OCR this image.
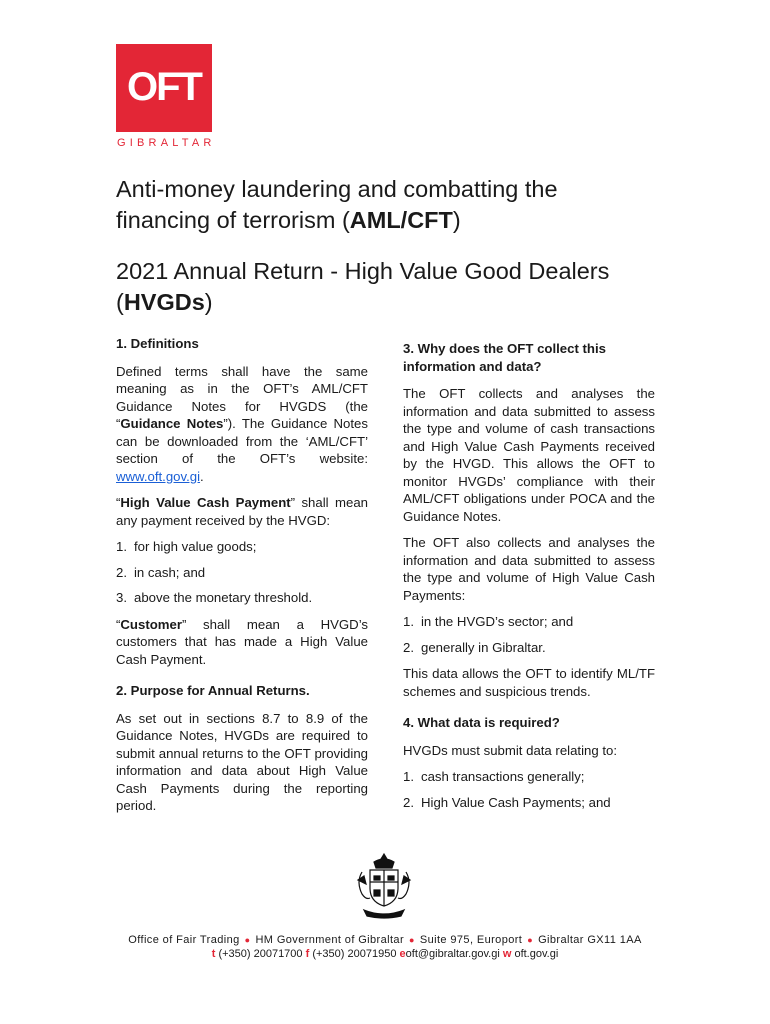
OFT
GIBRALTAR
Anti-money laundering and combatting the financing of terrorism (AML/CFT)
2021 Annual Return - High Value Good Dealers (HVGDs)
1. Definitions

Defined terms shall have the same meaning as in the OFT’s AML/CFT Guidance Notes for HVGDS (the “Guidance Notes”). The Guidance Notes can be downloaded from the ‘AML/CFT’ section of the OFT’s website: www.oft.gov.gi.

“High Value Cash Payment” shall mean any payment received by the HVGD:

1. for high value goods;
2. in cash; and
3. above the monetary threshold.

“Customer” shall mean a HVGD’s customers that has made a High Value Cash Payment.

2. Purpose for Annual Returns.

As set out in sections 8.7 to 8.9 of the Guidance Notes, HVGDs are required to submit annual returns to the OFT providing information and data about High Value Cash Payments during the reporting period.

3. Why does the OFT collect this information and data?

The OFT collects and analyses the information and data submitted to assess the type and volume of cash transactions and High Value Cash Payments received by the HVGD. This allows the OFT to monitor HVGDs’ compliance with their AML/CFT obligations under POCA and the Guidance Notes.

The OFT also collects and analyses the information and data submitted to assess the type and volume of High Value Cash Payments:

1. in the HVGD’s sector; and
2. generally in Gibraltar.

This data allows the OFT to identify ML/TF schemes and suspicious trends.

4. What data is required?

HVGDs must submit data relating to:

1. cash transactions generally;
2. High Value Cash Payments; and
Office of Fair Trading ● HM Government of Gibraltar ● Suite 975, Europort ● Gibraltar GX11 1AA
t (+350) 20071700 f (+350) 20071950 eoft@gibraltar.gov.gi w oft.gov.gi
